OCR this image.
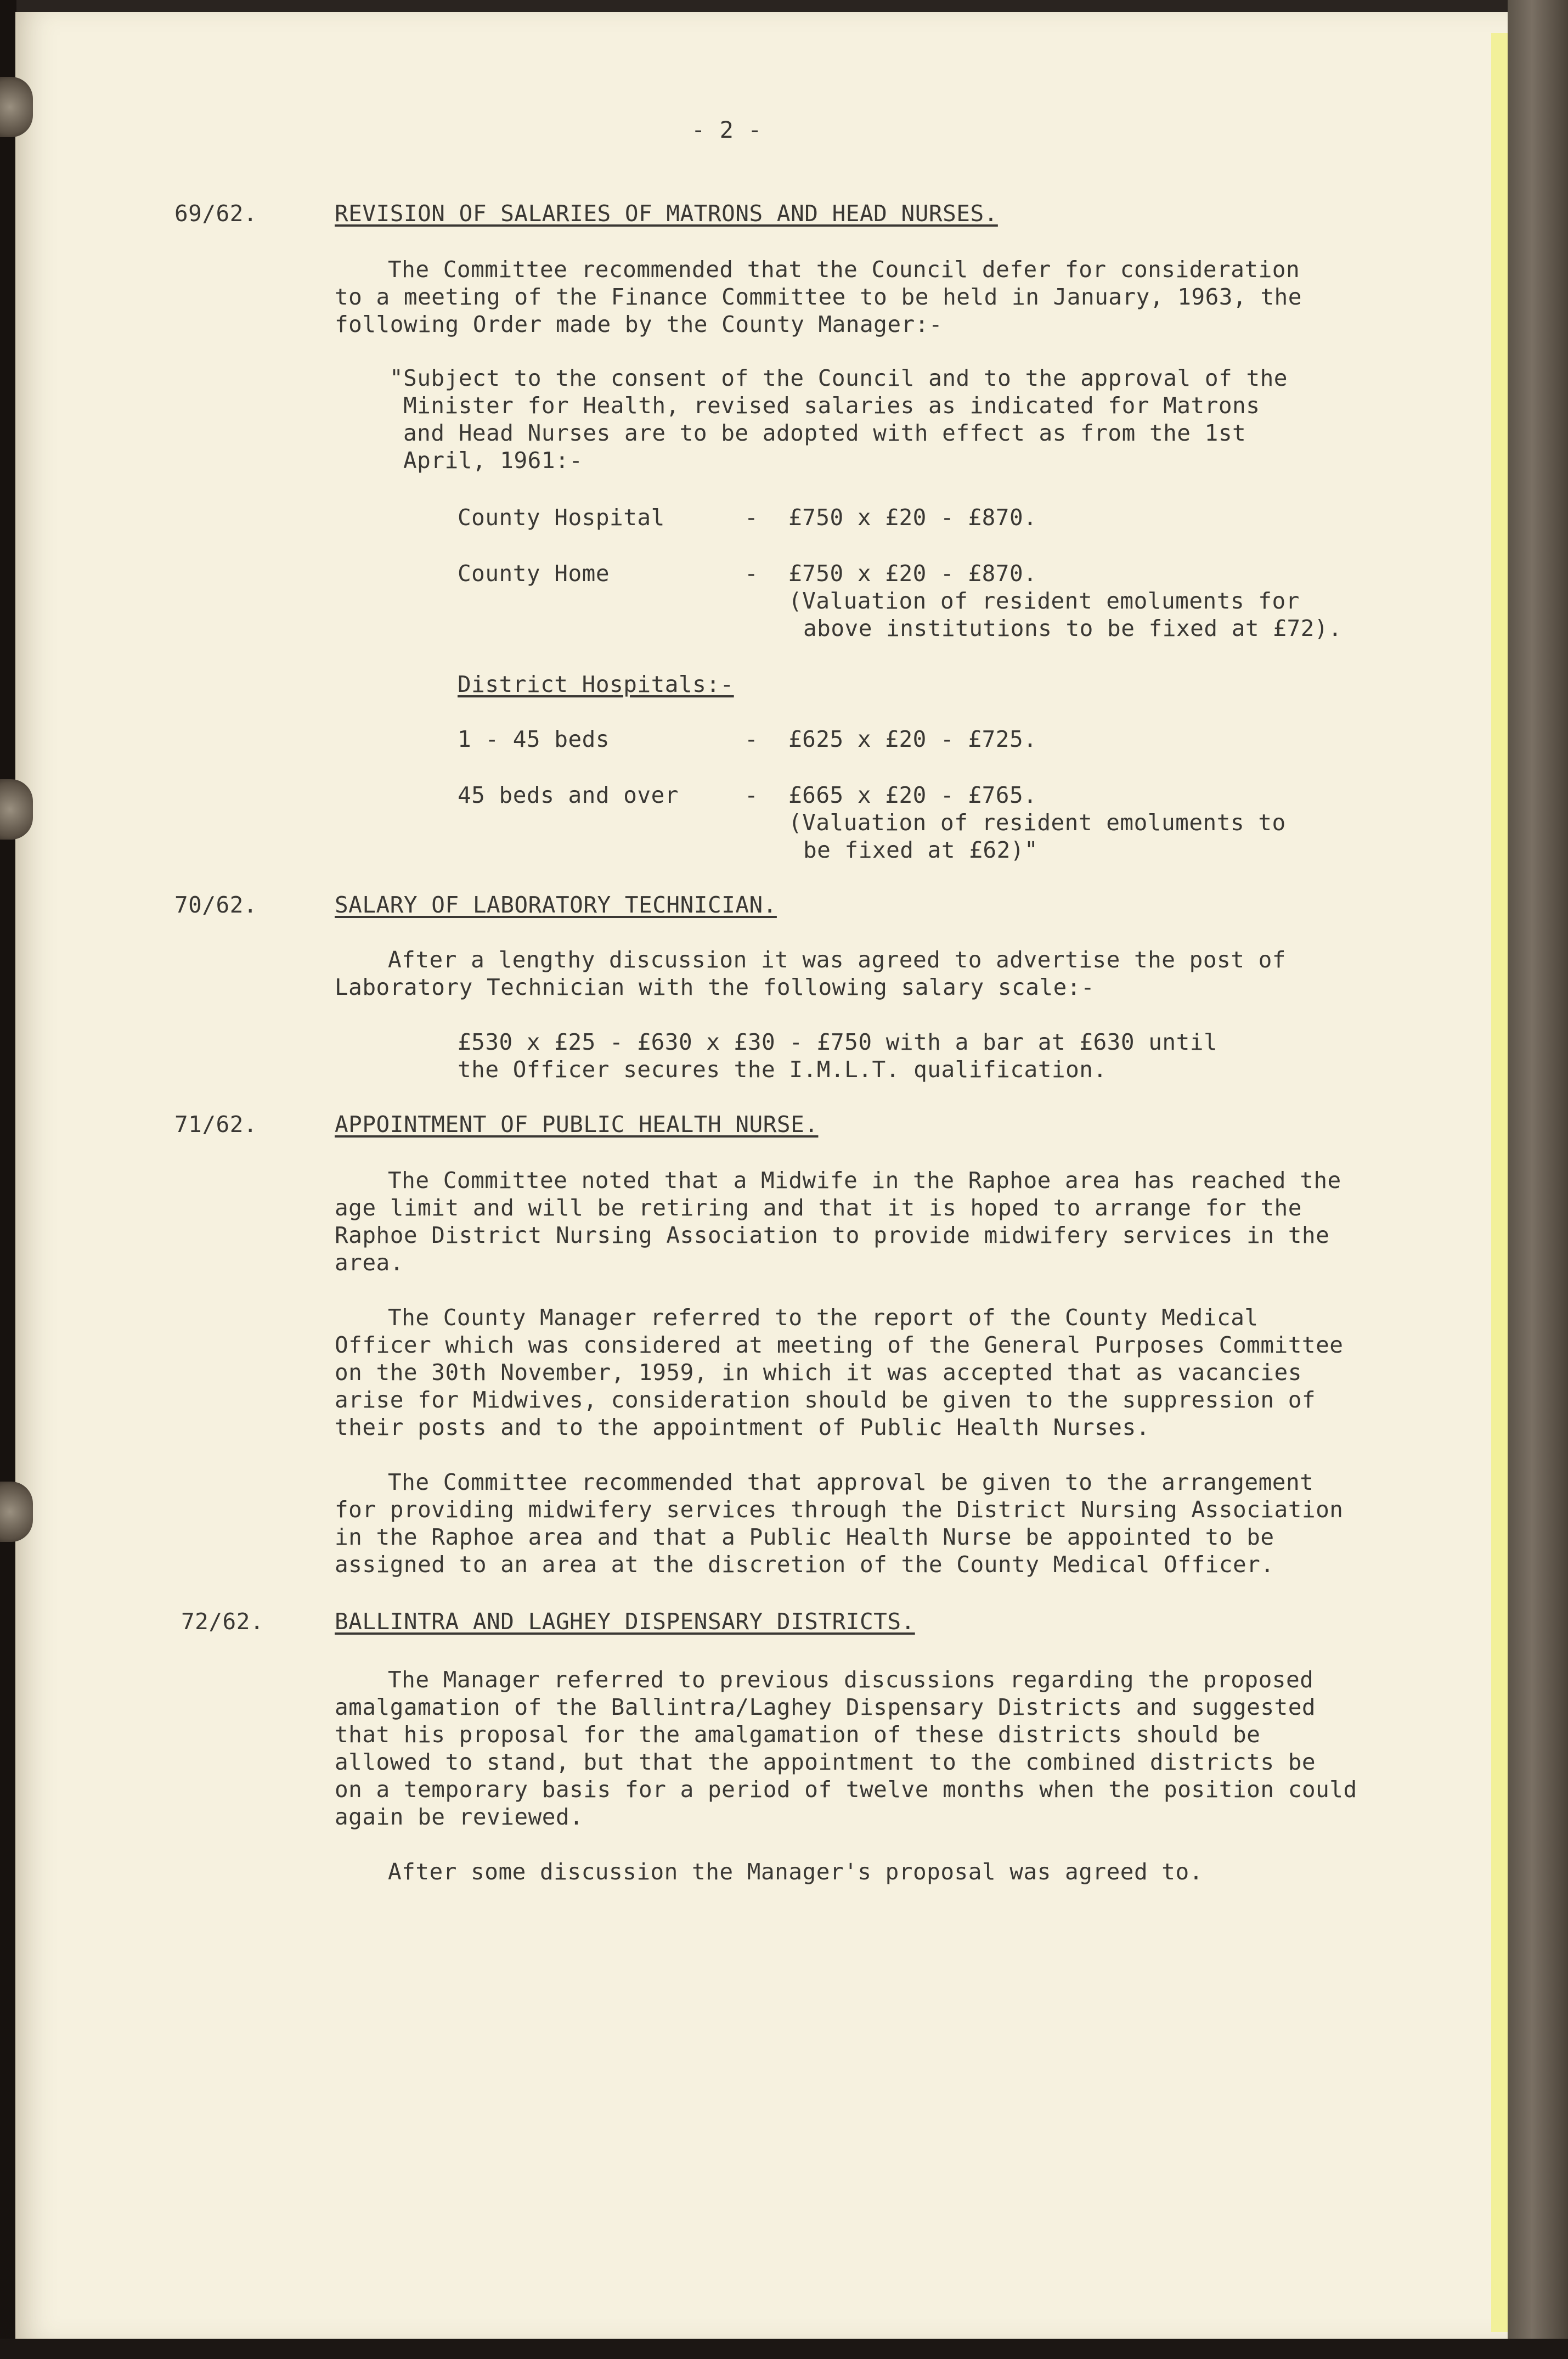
- 2 -
69/62.	REVISION OF SALARIES OF MATRONS AND HEAD NURSES.
The Committee recommended that the Council defer for consideration
to a meeting of the Finance Committee to be held in January, 1963, the
following Order made by the County Manager:-
"Subject to the consent of the Council and to the approval of the
Minister for Health, revised salaries as indicated for Matrons
and Head Nurses are to be adopted with effect as from the 1st
April, 1961:-
County Hospital	- £750 x £20 - £870.
County Home	- £750 x £20 - £870.
(Valuation of resident emoluments for
above institutions to be fixed at £72).
District Hospitals:-
1 - 45 beds	- £625 x £20 - £725.
45 beds and over	- £665 x £20 - £765.
(Valuation of resident emoluments to
be fixed at £62)"
70/62.	SALARY OF LABORATORY TECHNICIAN.
After a lengthy discussion it was agreed to advertise the post of
Laboratory Technician with the following salary scale:-
£530 x £25 - £630 x £30 - £750 with a bar at £630 until
the Officer secures the I.M.L.T. qualification.
71/62.	APPOINTMENT OF PUBLIC HEALTH NURSE.
The Committee noted that a Midwife in the Raphoe area has reached the
age limit and will be retiring and that it is hoped to arrange for the
Raphoe District Nursing Association to provide midwifery services in the
area.
The County Manager referred to the report of the County Medical
Officer which was considered at meeting of the General Purposes Committee
on the 30th November, 1959, in which it was accepted that as vacancies
arise for Midwives, consideration should be given to the suppression of
their posts and to the appointment of Public Health Nurses.
The Committee recommended that approval be given to the arrangement
for providing midwifery services through the District Nursing Association
in the Raphoe area and that a Public Health Nurse be appointed to be
assigned to an area at the discretion of the County Medical Officer.
72/62.	BALLINTRA AND LAGHEY DISPENSARY DISTRICTS.
The Manager referred to previous discussions regarding the proposed
amalgamation of the Ballintra/Laghey Dispensary Districts and suggested
that his proposal for the amalgamation of these districts should be
allowed to stand, but that the appointment to the combined districts be
on a temporary basis for a period of twelve months when the position could
again be reviewed.
After some discussion the Manager's proposal was agreed to.
